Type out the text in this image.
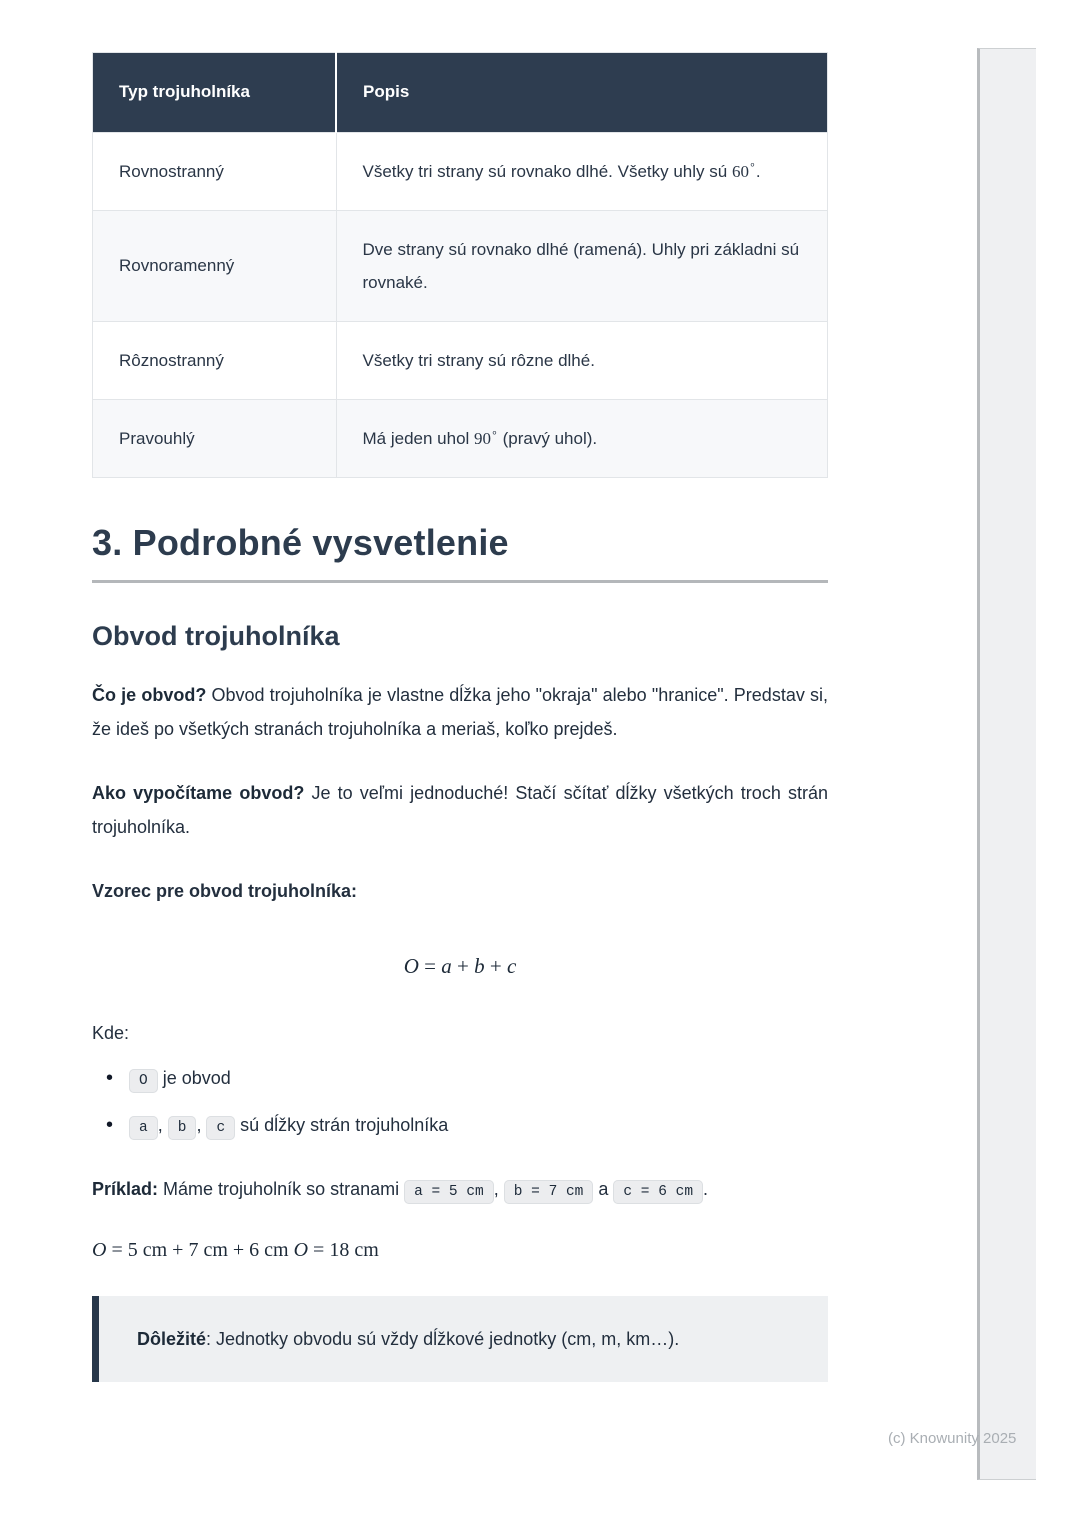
Typ trojuholníka	Popis
Rovnostranný	Všetky tri strany sú rovnako dlhé. Všetky uhly sú 60∘.
Rovnoramenný	Dve strany sú rovnako dlhé (ramená). Uhly pri základni sú rovnaké.
Rôznostranný	Všetky tri strany sú rôzne dlhé.
Pravouhlý	Má jeden uhol 90∘ (pravý uhol).
3. Podrobné vysvetlenie
Obvod trojuholníka

Čo je obvod? Obvod trojuholníka je vlastne dĺžka jeho "okraja" alebo "hranice". Predstav si, že ideš po všetkých stranách trojuholníka a meriaš, koľko prejdeš.

Ako vypočítame obvod? Je to veľmi jednoduché! Stačí sčítať dĺžky všetkých troch strán trojuholníka.

Vzorec pre obvod trojuholníka:

O = a + b + c

Kde:

• O je obvod
• a , b , c sú dĺžky strán trojuholníka

Príklad: Máme trojuholník so stranami a = 5 cm , b = 7 cm a c = 6 cm .

O = 5 cm + 7 cm + 6 cm O = 18 cm
Dôležité: Jednotky obvodu sú vždy dĺžkové jednotky (cm, m, km…).
(c) Knowunity 2025
